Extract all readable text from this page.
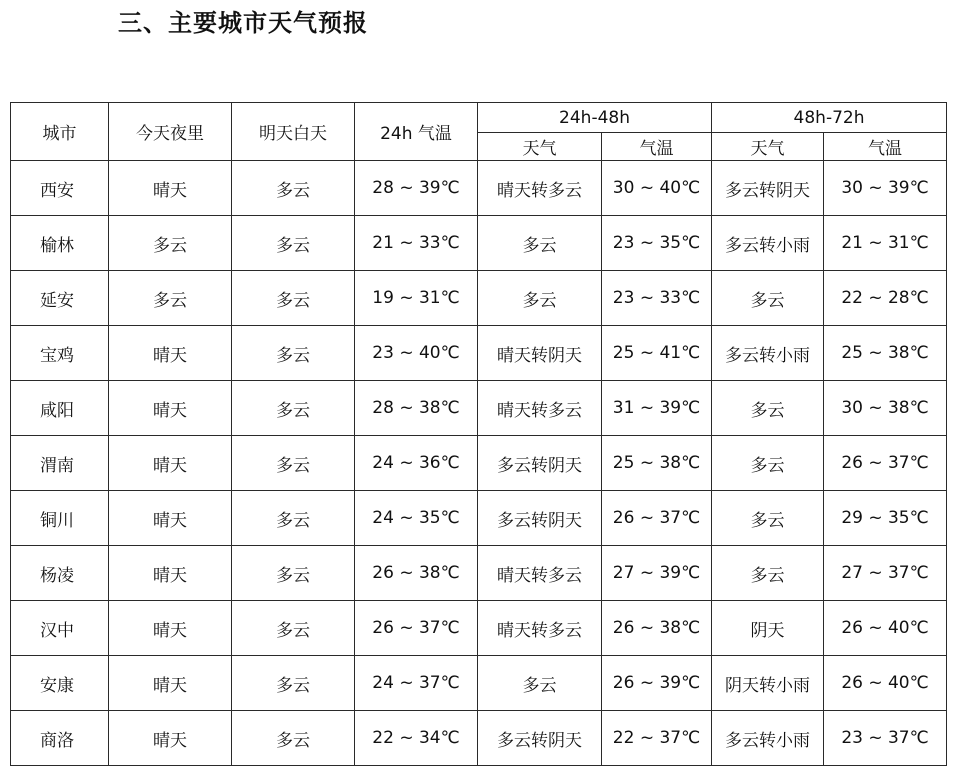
三、主要城市天气预报
城市	今天夜里	明天白天	24h 气温	24h-48h		48h-72h	
				天气	气温	天气	气温
西安	晴天	多云	28 ~ 39℃	晴天转多云	30 ~ 40℃	多云转阴天	30 ~ 39℃
榆林	多云	多云	21 ~ 33℃	多云	23 ~ 35℃	多云转小雨	21 ~ 31℃
延安	多云	多云	19 ~ 31℃	多云	23 ~ 33℃	多云	22 ~ 28℃
宝鸡	晴天	多云	23 ~ 40℃	晴天转阴天	25 ~ 41℃	多云转小雨	25 ~ 38℃
咸阳	晴天	多云	28 ~ 38℃	晴天转多云	31 ~ 39℃	多云	30 ~ 38℃
渭南	晴天	多云	24 ~ 36℃	多云转阴天	25 ~ 38℃	多云	26 ~ 37℃
铜川	晴天	多云	24 ~ 35℃	多云转阴天	26 ~ 37℃	多云	29 ~ 35℃
杨凌	晴天	多云	26 ~ 38℃	晴天转多云	27 ~ 39℃	多云	27 ~ 37℃
汉中	晴天	多云	26 ~ 37℃	晴天转多云	26 ~ 38℃	阴天	26 ~ 40℃
安康	晴天	多云	24 ~ 37℃	多云	26 ~ 39℃	阴天转小雨	26 ~ 40℃
商洛	晴天	多云	22 ~ 34℃	多云转阴天	22 ~ 37℃	多云转小雨	23 ~ 37℃
